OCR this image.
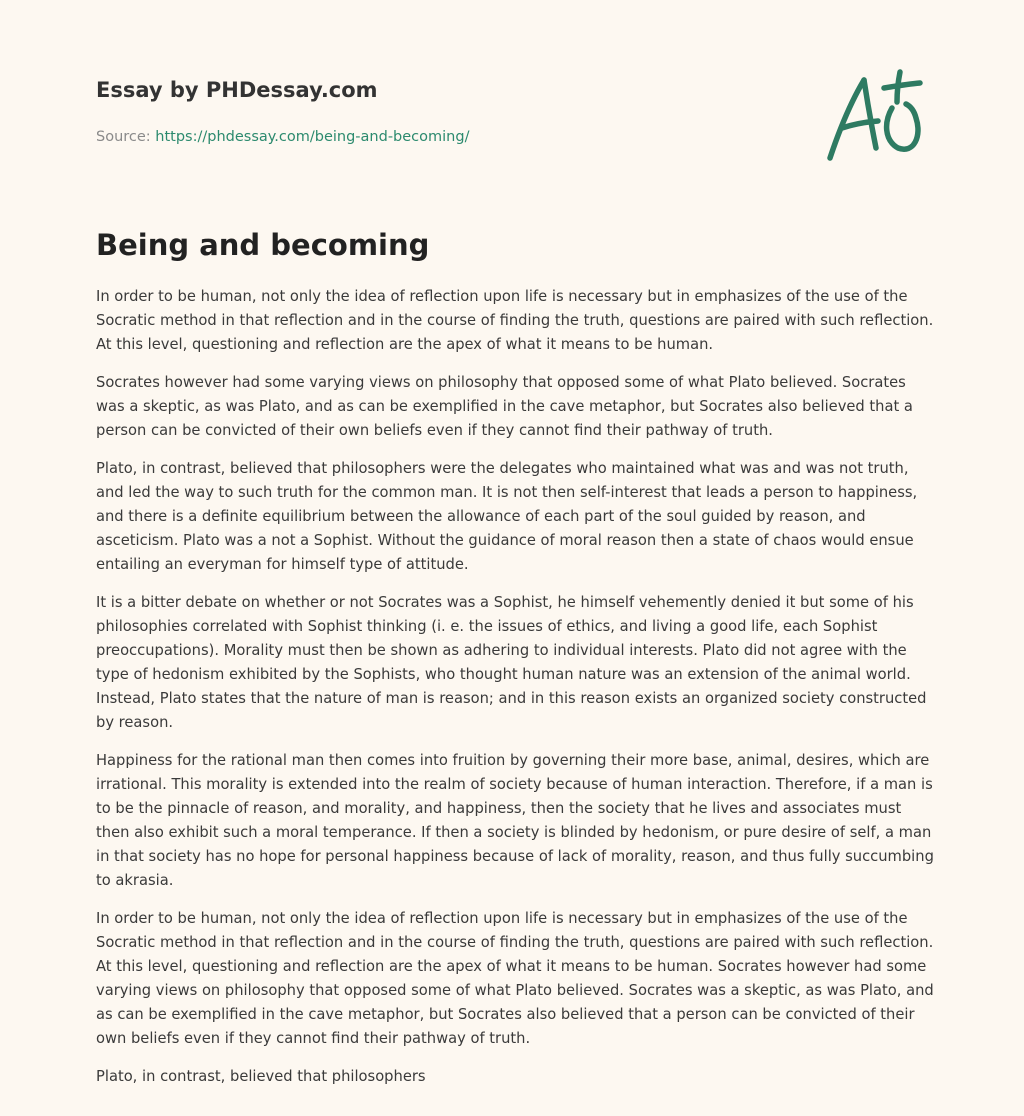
Essay by PHDessay.com
Source: https://phdessay.com/being-and-becoming/
Being and becoming

In order to be human, not only the idea of reflection upon life is necessary but in emphasizes of the use of the Socratic method in that reflection and in the course of finding the truth, questions are paired with such reflection. At this level, questioning and reflection are the apex of what it means to be human.

Socrates however had some varying views on philosophy that opposed some of what Plato believed. Socrates was a skeptic, as was Plato, and as can be exemplified in the cave metaphor, but Socrates also believed that a person can be convicted of their own beliefs even if they cannot find their pathway of truth.

Plato, in contrast, believed that philosophers were the delegates who maintained what was and was not truth, and led the way to such truth for the common man. It is not then self-interest that leads a person to happiness, and there is a definite equilibrium between the allowance of each part of the soul guided by reason, and asceticism. Plato was a not a Sophist. Without the guidance of moral reason then a state of chaos would ensue entailing an everyman for himself type of attitude.

It is a bitter debate on whether or not Socrates was a Sophist, he himself vehemently denied it but some of his philosophies correlated with Sophist thinking (i. e. the issues of ethics, and living a good life, each Sophist preoccupations). Morality must then be shown as adhering to individual interests. Plato did not agree with the type of hedonism exhibited by the Sophists, who thought human nature was an extension of the animal world. Instead, Plato states that the nature of man is reason; and in this reason exists an organized society constructed by reason.

Happiness for the rational man then comes into fruition by governing their more base, animal, desires, which are irrational. This morality is extended into the realm of society because of human interaction. Therefore, if a man is to be the pinnacle of reason, and morality, and happiness, then the society that he lives and associates must then also exhibit such a moral temperance. If then a society is blinded by hedonism, or pure desire of self, a man in that society has no hope for personal happiness because of lack of morality, reason, and thus fully succumbing to akrasia.

In order to be human, not only the idea of reflection upon life is necessary but in emphasizes of the use of the Socratic method in that reflection and in the course of finding the truth, questions are paired with such reflection. At this level, questioning and reflection are the apex of what it means to be human. Socrates however had some varying views on philosophy that opposed some of what Plato believed. Socrates was a skeptic, as was Plato, and as can be exemplified in the cave metaphor, but Socrates also believed that a person can be convicted of their own beliefs even if they cannot find their pathway of truth.

Plato, in contrast, believed that philosophers
